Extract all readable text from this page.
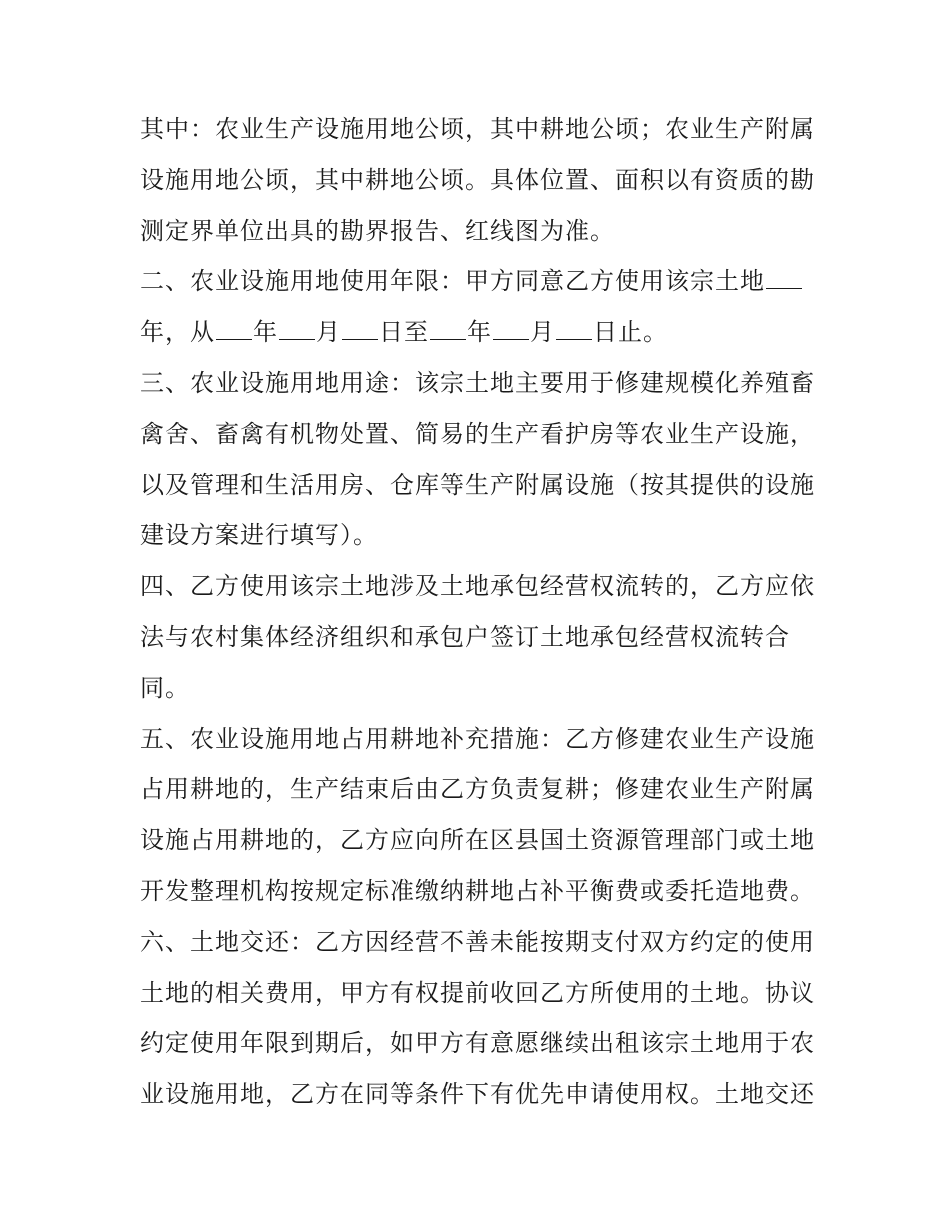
其中：农业生产设施用地公顷，其中耕地公顷；农业生产附属
设施用地公顷，其中耕地公顷。具体位置、面积以有资质的勘
测定界单位出具的勘界报告、红线图为准。
二、农业设施用地使用年限：甲方同意乙方使用该宗土地
年，从 年 月 日至 年 月 日止。
三、农业设施用地用途：该宗土地主要用于修建规模化养殖畜
禽舍、畜禽有机物处置、简易的生产看护房等农业生产设施，
以及管理和生活用房、仓库等生产附属设施（按其提供的设施
建设方案进行填写）。
四、乙方使用该宗土地涉及土地承包经营权流转的，乙方应依
法与农村集体经济组织和承包户签订土地承包经营权流转合
同。
五、农业设施用地占用耕地补充措施：乙方修建农业生产设施
占用耕地的，生产结束后由乙方负责复耕；修建农业生产附属
设施占用耕地的，乙方应向所在区县国土资源管理部门或土地
开发整理机构按规定标准缴纳耕地占补平衡费或委托造地费。
六、土地交还：乙方因经营不善未能按期支付双方约定的使用
土地的相关费用，甲方有权提前收回乙方所使用的土地。协议
约定使用年限到期后，如甲方有意愿继续出租该宗土地用于农
业设施用地，乙方在同等条件下有优先申请使用权。土地交还
